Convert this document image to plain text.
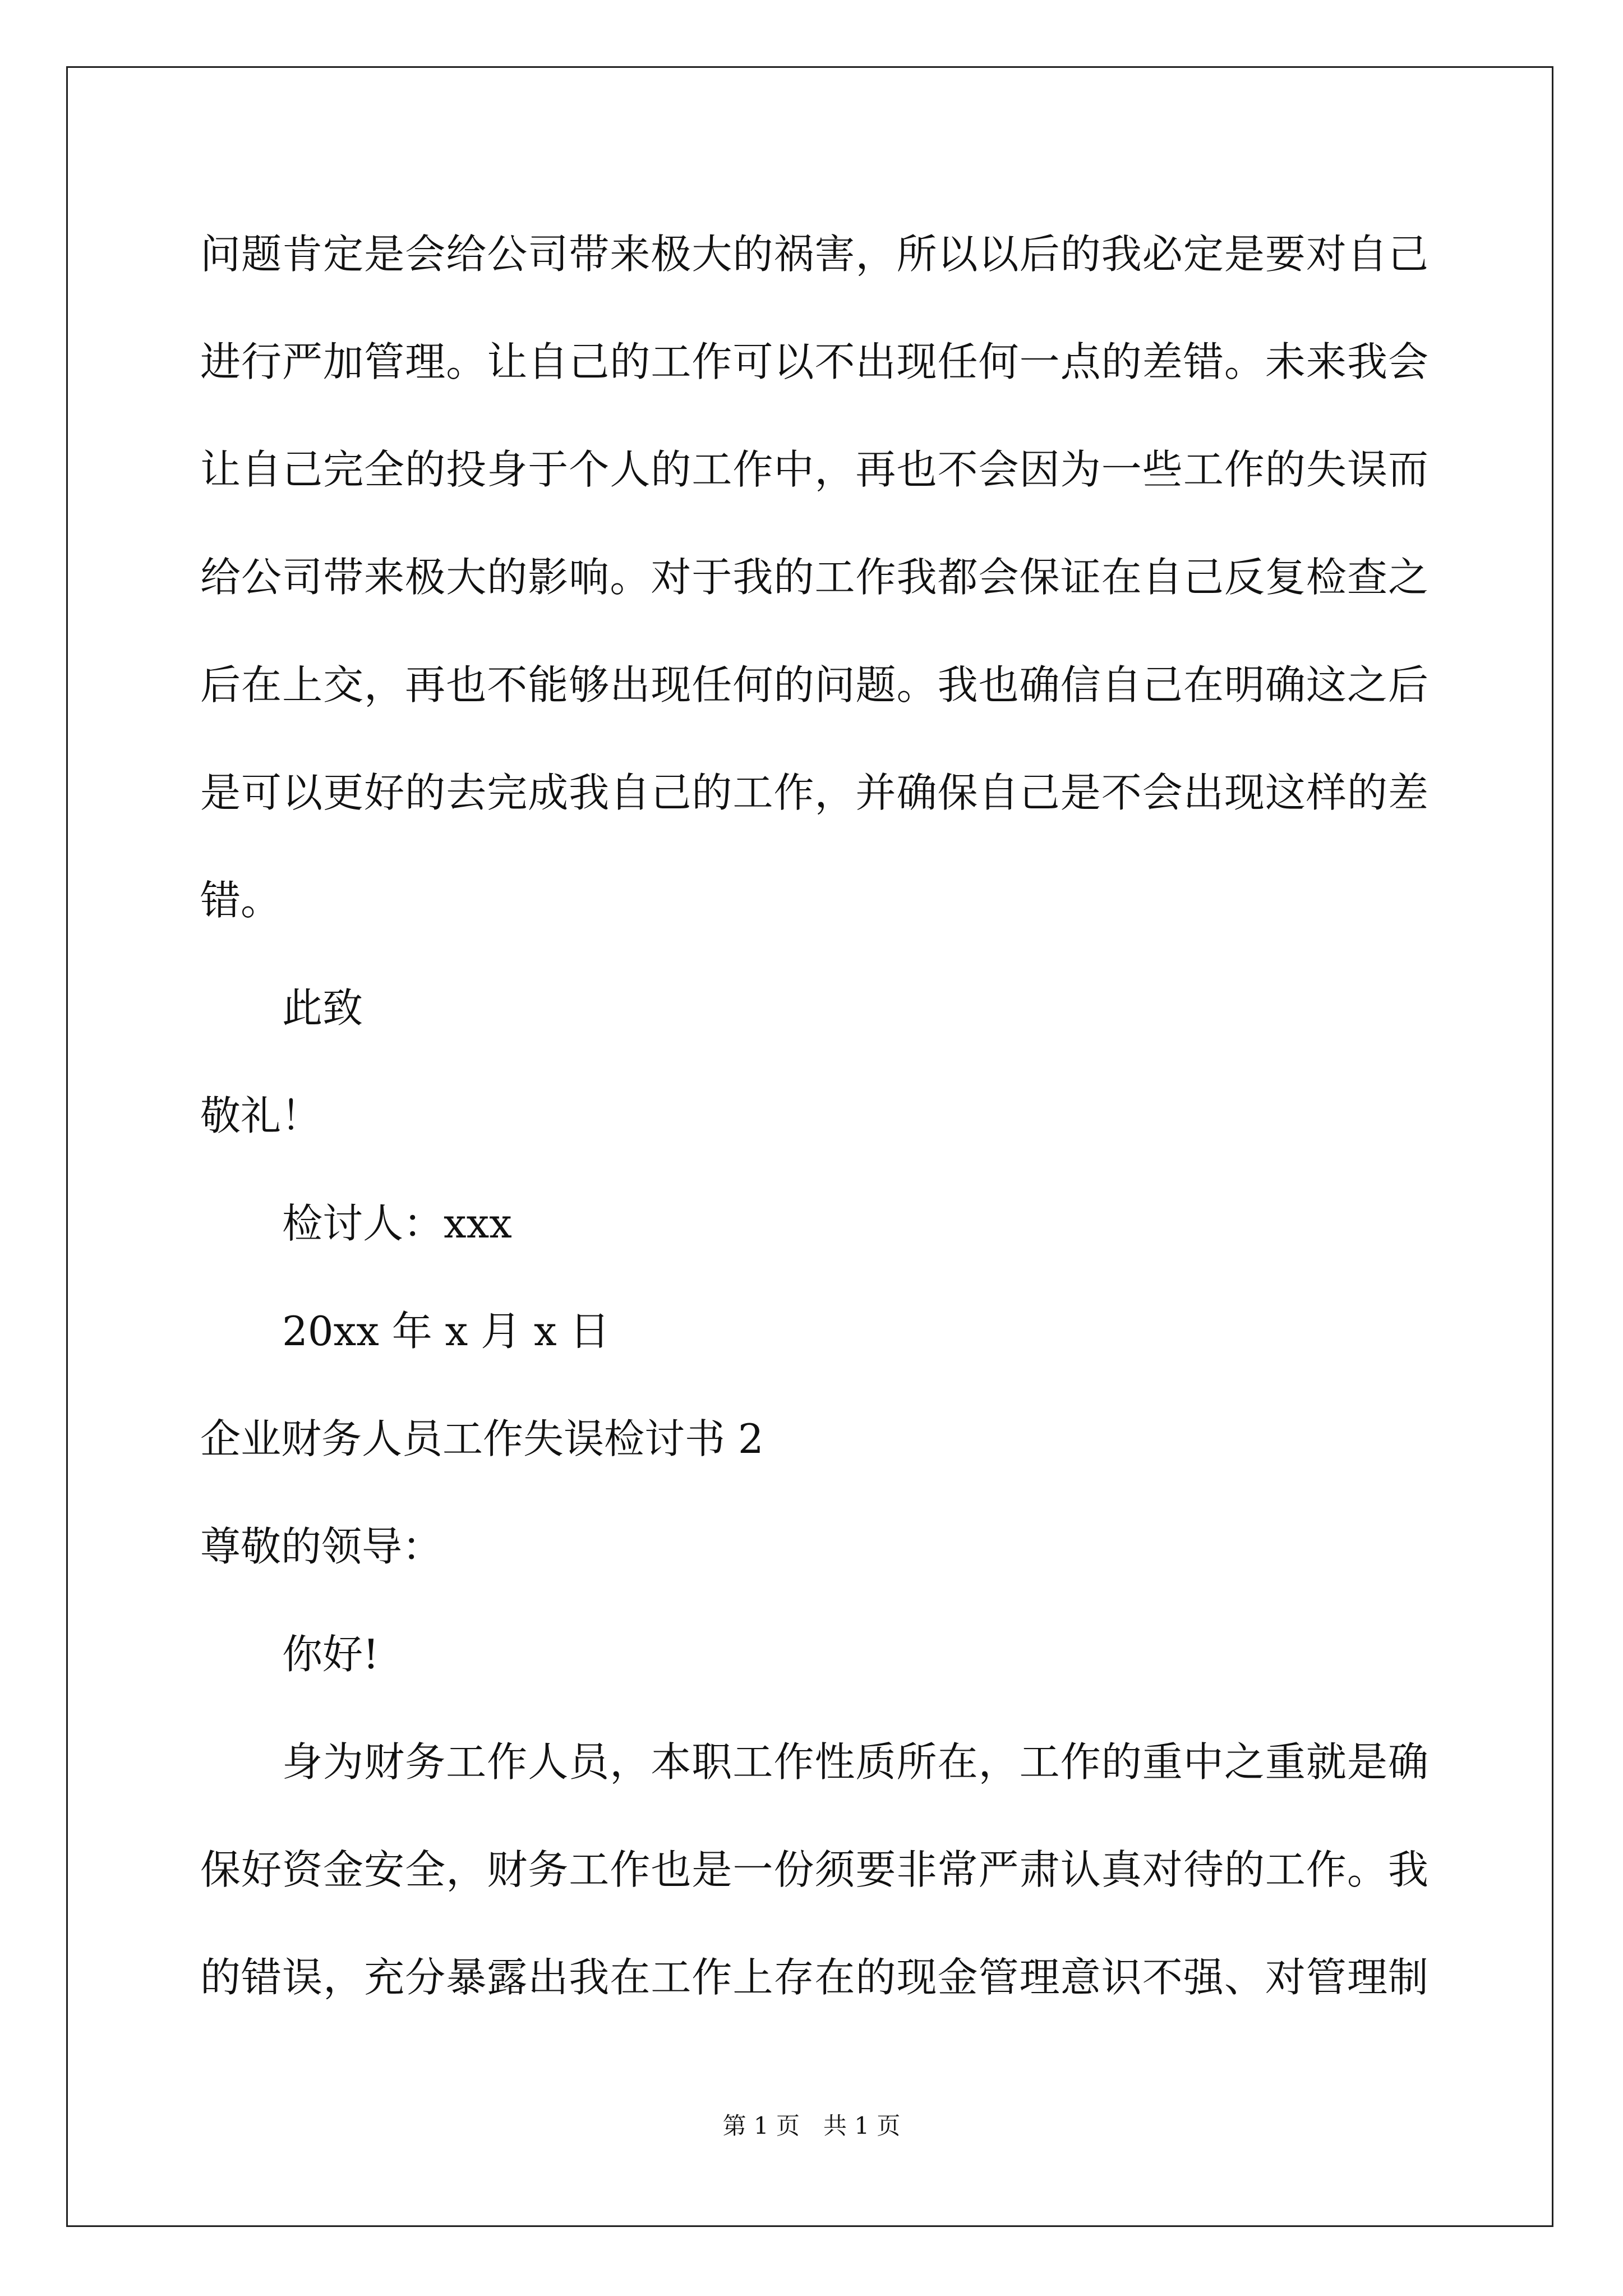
问题肯定是会给公司带来极大的祸害，所以以后的我必定是要对自己
进行严加管理。让自己的工作可以不出现任何一点的差错。未来我会
让自己完全的投身于个人的工作中，再也不会因为一些工作的失误而
给公司带来极大的影响。对于我的工作我都会保证在自己反复检查之
后在上交，再也不能够出现任何的问题。我也确信自己在明确这之后
是可以更好的去完成我自己的工作，并确保自己是不会出现这样的差
错。
此致
敬礼！
检讨人：xxx
20xx 年 x 月 x 日
企业财务人员工作失误检讨书 2
尊敬的领导：
你好!
身为财务工作人员，本职工作性质所在，工作的重中之重就是确
保好资金安全，财务工作也是一份须要非常严肃认真对待的工作。我
的错误，充分暴露出我在工作上存在的现金管理意识不强、对管理制
第 1 页　共 1 页
